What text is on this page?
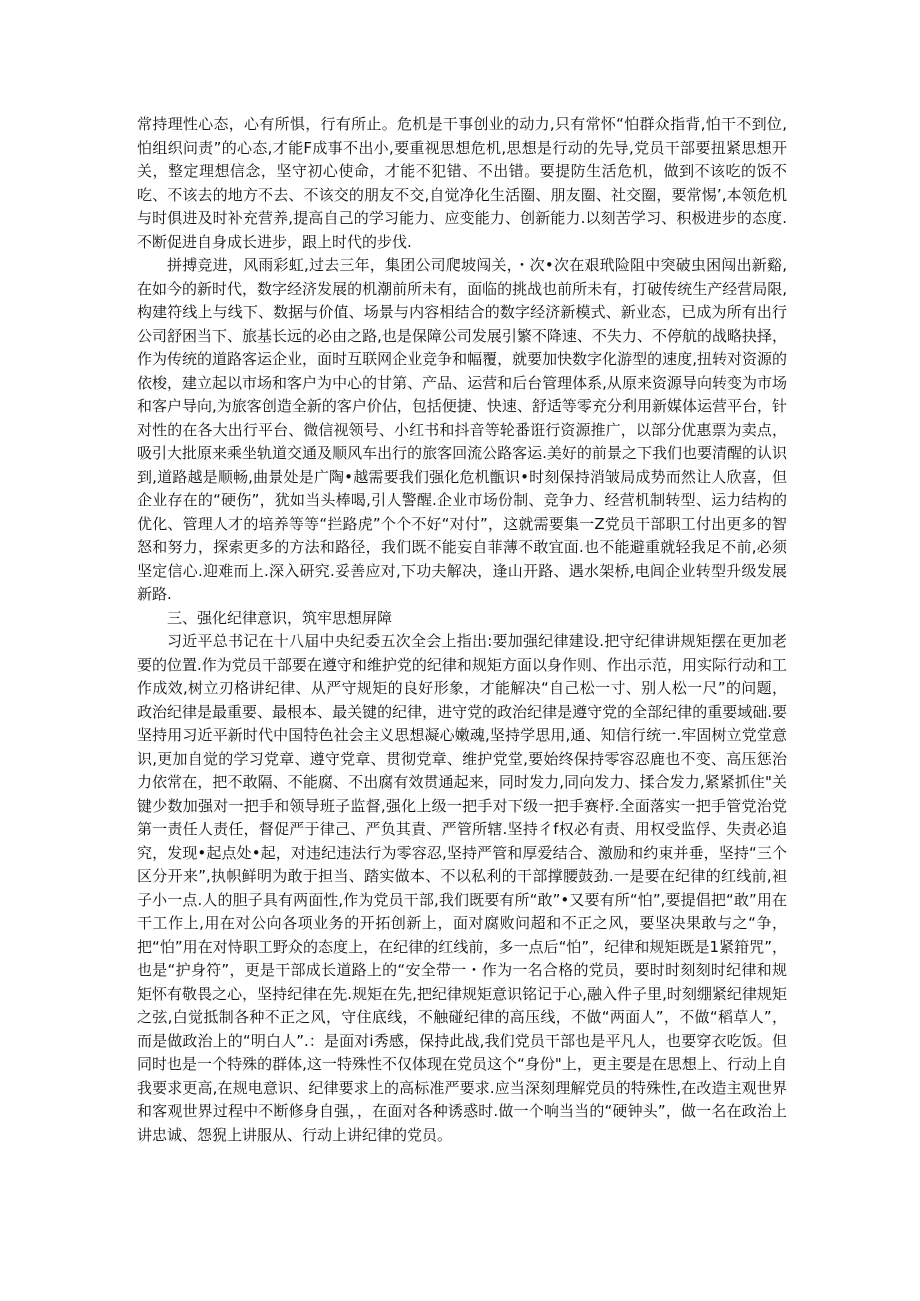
常持理性心态，心有所惧，行有所止。危机是干事创业的动力,只有常怀“怕群众指背,怕干不到位,怕组织问责”的心态,才能F成事不出小,要重视思想危机,思想是行动的先导,党员干部要扭紧思想开关，整定理想信念，坚守初心使命，才能不犯错、不出错。要提防生活危机，做到不该吃的饭不吃、不该去的地方不去、不该交的朋友不交,自觉净化生活圈、朋友圈、社交圈，要常惕’,本领危机与时俱进及时补充营养,提高自己的学习能力、应变能力、创新能力.以刻苦学习、积极进步的态度.不断促进自身成长进步，跟上时代的步伐.

拼搏竞进，风雨彩虹,过去三年，集团公司爬坡闯关，・次•次在艰玳险阻中突破虫困闯出新谿,在如今的新时代，数字经济发展的机潮前所未有，面临的挑战也前所未有，打破传统生产经营局限,构建符线上与线下、数据与价值、场景与内容相结合的数字经济新模式、新业态，已成为所有出行公司舒困当下、旅基长远的必由之路,也是保障公司发展引繁不降速、不失力、不停航的战略抉择，作为传统的道路客运企业，面时互联网企业竞争和幅覆，就要加快数字化游型的速度,扭转对资源的依梭，建立起以市场和客户为中心的甘第、产品、运营和后台管理体系,从原来资源导向转变为市场和客户导向,为旅客创造全新的客户价佔，包括便捷、快速、舒适等零充分利用新媒体运营平台，针对性的在各大出行平台、微信视领号、小红书和抖音等轮番诳行资源推广，以部分优惠票为卖点，吸引大批原来乘坐轨道交通及顺风车出行的旅客回流公路客运.美好的前景之下我们也要清醒的认识到,道路越是顺畅,曲景处是广陶•越需要我们强化危机甑识•时刻保持消皱局成势而然让人欣喜，但企业存在的“硬伤”，犹如当头棒喝,引人警醒.企业市场份制、竞争力、经营机制转型、运力结构的优化、管理人才的培养等等“拦路虎”个个不好“对付”，这就需要集一Z党员干部职工付出更多的智怒和努力，探索更多的方法和路径，我们既不能妄自菲薄不敢宜面.也不能避重就轻我足不前,必须坚定信心.迎难而上.深入研究.妥善应对,下功夫解决，逢山开路、遇水架桥,电闾企业转型升级发展新路.

三、强化纪律意识，筑牢思想屏障

习近平总书记在十八届中央纪委五次全会上指出:要加强纪律建设.把守纪律讲规矩摆在更加老要的位置.作为党员干部要在遵守和维护党的纪律和规矩方面以身作则、作出示范，用实际行动和工作成效,树立刃格讲纪律、从严守规矩的良好形象，才能解决“自己松一寸、别人松一尺”的问题，政治纪律是最重要、最根本、最关键的纪律，进守党的政治纪律是遵守党的全部纪律的重要域础.要坚持用习近平新时代中国特色社会主义思想凝心嫩魂,坚持学思用,通、知信行统一.牢固树立党堂意识,更加自觉的学习党章、遵守党章、贯彻党章、维护党堂,要始终保持零容忍鹿也不变、高压惩治力依常在，把不敢隔、不能腐、不出腐有效贯通起来，同时发力,同向发力、揉合发力,紧紧抓住"关键少数加强对一把手和领导班子监督,强化上级一把手对下级一把手赛杼.全面落实一把手管党治党第一责任人责任，督促严于律己、严负其責、严管所辖.坚持彳f权必有责、用权受监俘、失责必追究，发现•起点处•起，对违纪违法行为零容忍,坚持严管和厚爱结合、激励和约束并垂，坚持“三个区分开来”,执帜鲜明为敢于担当、踏实做本、不以私利的干部撑腰鼓劲.一是要在纪律的红线前,袒子小一点.人的胆子具有两面性,作为党员干部,我们既要有所“敢”•又要有所“怕”,要提倡把“敢”用在干工作上,用在对公向各项业务的开拓创新上，面对腐败问超和不正之风，要坚决果敢与之“争，把“怕”用在对恃职工野众的态度上，在纪律的红线前，多一点后“怕”，纪律和规矩既是1紧箝咒”，也是“护身符”，更是干部成长道路上的“安全带一・作为一名合格的党员，要时时刻刻时纪律和规矩怀有敬畏之心，坚持纪律在先.规矩在先,把纪律规矩意识铭记于心,融入件子里,时刻绷紧纪律规矩之弦,白觉抵制各种不正之风，守住底线，不触碰纪律的高压线，不做“两面人”，不做“稻草人”，而是做政治上的“明白人”.：是面对ⅰ秀感，保持此战,我们党员干部也是平凡人，也要穿衣吃饭。但同时也是一个特殊的群体,这一特殊性不仅体现在党员这个“身份"上，更主要是在思想上、行动上自我要求更高,在规电意识、纪律要求上的高标准严要求.应当深刻理解党员的特殊性,在改造主观世界和客观世界过程中不断修身自强，，在面对各种诱惑时.做一个响当当的“硬钟头”，做一名在政治上讲忠诚、怨猊上讲服从、行动上讲纪律的党员。
